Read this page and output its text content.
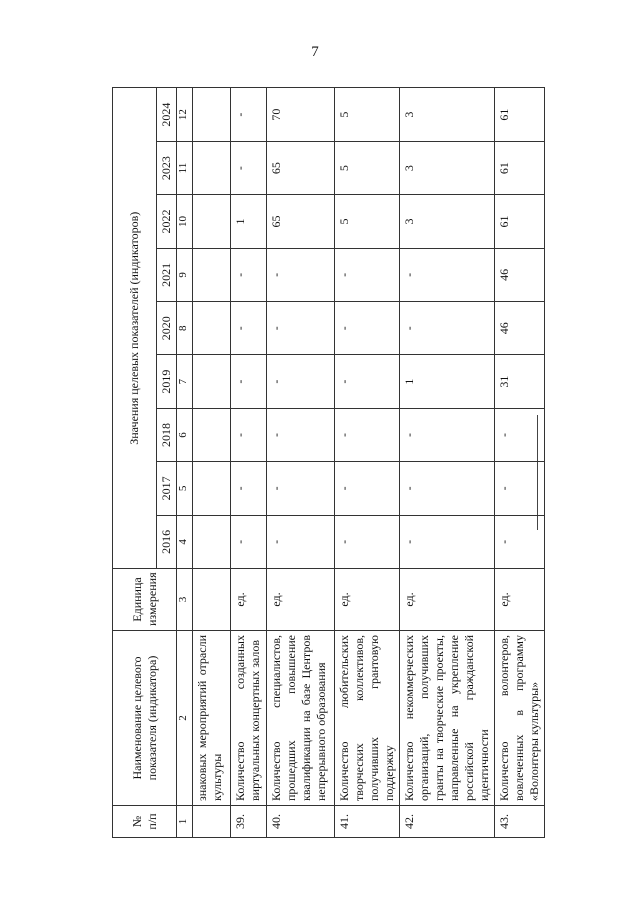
7
№ п/п	Наименование целевого показателя (индикатора)	Единица измерения	Значения целевых показателей (индикаторов)								
			2016	2017	2018	2019	2020	2021	2022	2023	2024
1	2	3	4	5	6	7	8	9	10	11	12
	знаковых мероприятий отрасли культуры										
39.	Количество созданных виртуальных концертных залов	ед.	-	-	-	-	-	-	1	-	-
40.	Количество специалистов, прошедших повышение квалификации на базе Центров непрерывного образования	ед.	-	-	-	-	-	-	65	65	70
41.	Количество любительских творческих коллективов, получивших грантовую поддержку	ед.	-	-	-	-	-	-	5	5	5
42.	Количество некоммерческих организаций, получивших гранты на творческие проекты, направленные на укрепление российской гражданской идентичности	ед.	-	-	-	1	-	-	3	3	3
43.	Количество волонтеров, вовлеченных в программу «Волонтеры культуры»	ед.	-	-	-	31	46	46	61	61	61
